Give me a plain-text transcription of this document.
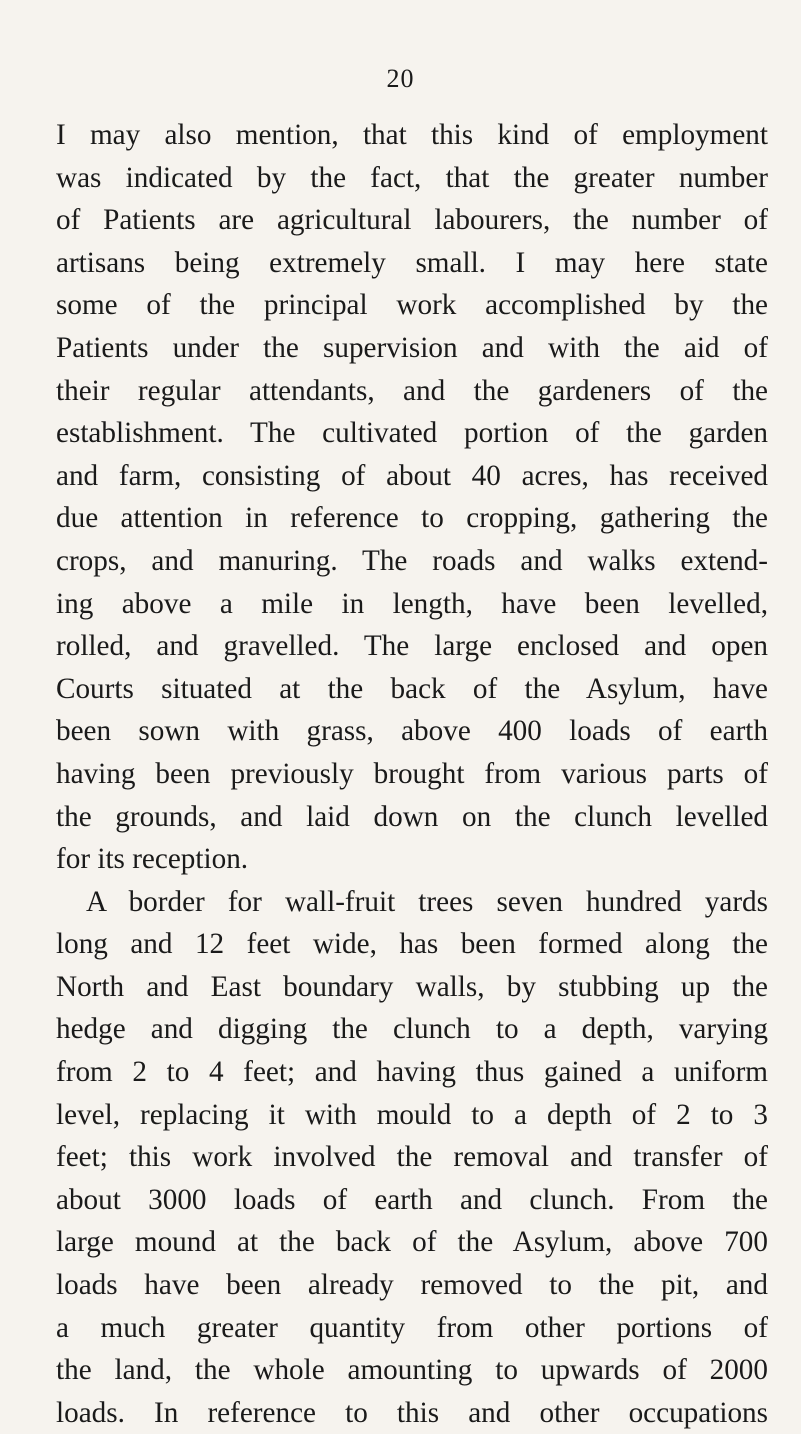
20
I may also mention, that this kind of employment
was indicated by the fact, that the greater number
of Patients are agricultural labourers, the number of
artisans being extremely small. I may here state
some of the principal work accomplished by the
Patients under the supervision and with the aid of
their regular attendants, and the gardeners of the
establishment. The cultivated portion of the garden
and farm, consisting of about 40 acres, has received
due attention in reference to cropping, gathering the
crops, and manuring. The roads and walks extend-
ing above a mile in length, have been levelled,
rolled, and gravelled. The large enclosed and open
Courts situated at the back of the Asylum, have
been sown with grass, above 400 loads of earth
having been previously brought from various parts of
the grounds, and laid down on the clunch levelled
for its reception.
A border for wall-fruit trees seven hundred yards
long and 12 feet wide, has been formed along the
North and East boundary walls, by stubbing up the
hedge and digging the clunch to a depth, varying
from 2 to 4 feet; and having thus gained a uniform
level, replacing it with mould to a depth of 2 to 3
feet; this work involved the removal and transfer of
about 3000 loads of earth and clunch. From the
large mound at the back of the Asylum, above 700
loads have been already removed to the pit, and
a much greater quantity from other portions of
the land, the whole amounting to upwards of 2000
loads. In reference to this and other occupations
